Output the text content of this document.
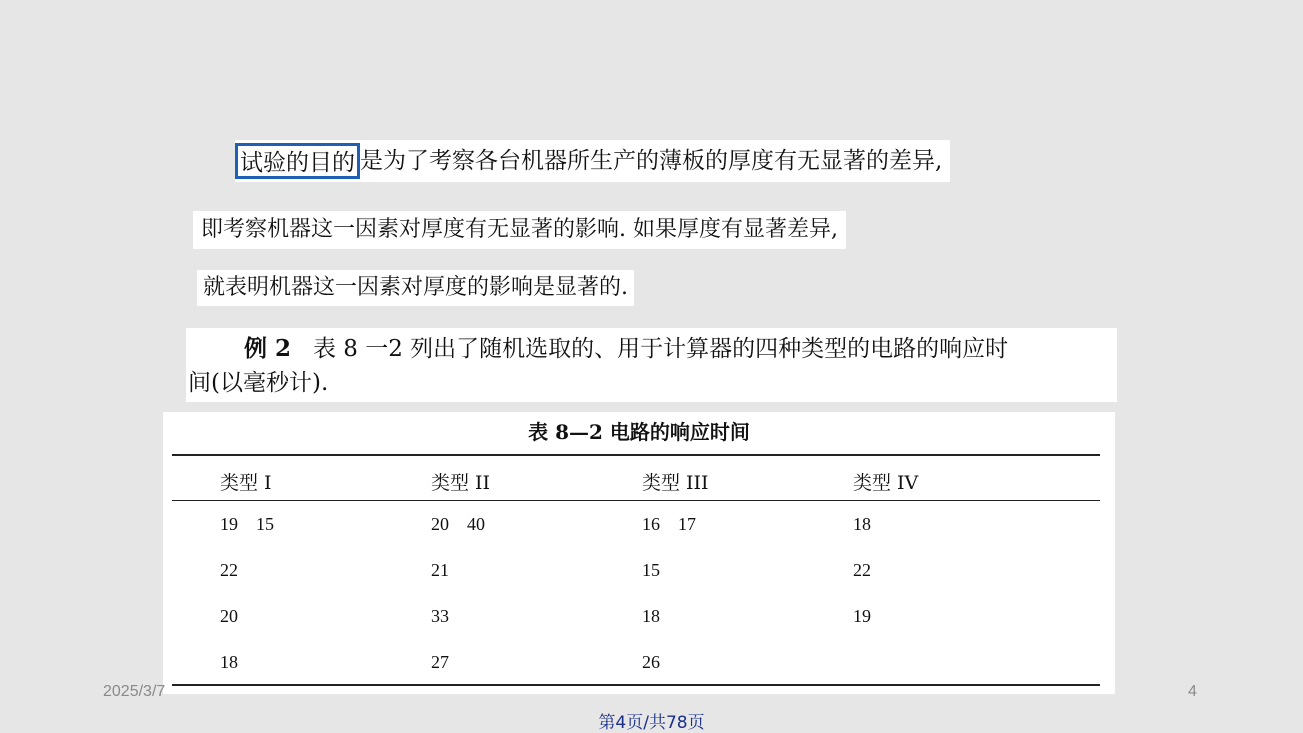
试验的目的 是为了考察各台机器所生产的薄板的厚度有无显著的差异,
即考察机器这一因素对厚度有无显著的影响. 如果厚度有显著差异,
就表明机器这一因素对厚度的影响是显著的.
例 2 表 8 一2 列出了随机选取的、用于计算器的四种类型的电路的响应时
间(以毫秒计).
表 8—2 电路的响应时间
类型 I	类型 II	类型 III	类型 IV
19    15	20    40	16    17	18
22	21	15	22
20	33	18	19
18	27	26
2025/3/7	4
第4页/共78页
